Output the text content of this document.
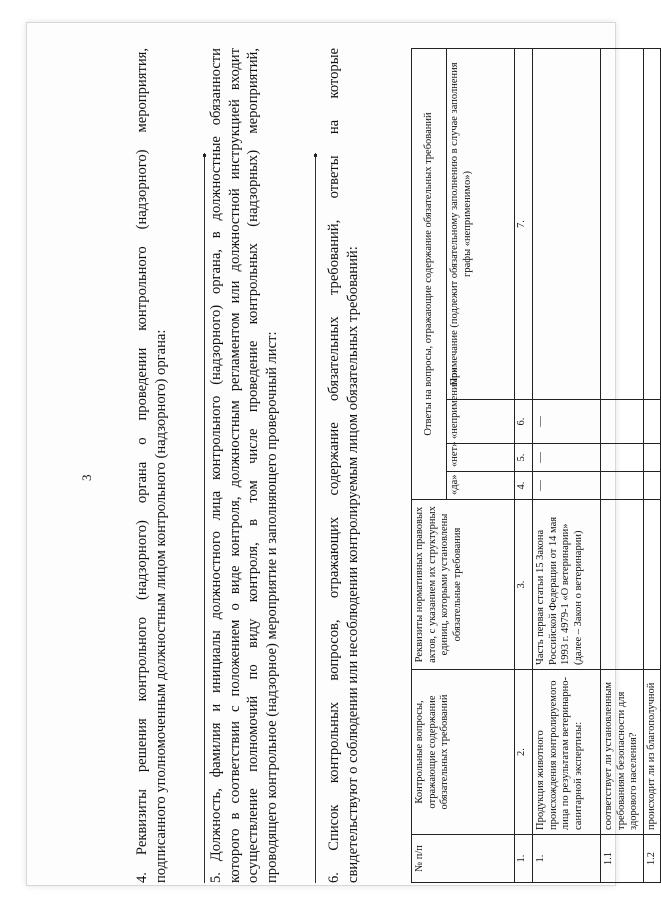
3	4. Реквизиты решения контрольного (надзорного) органа о проведении контрольного (надзорного) мероприятия, подписанного уполномоченным должностным лицом контрольного (надзорного) органа:	5. Должность, фамилия и инициалы должностного лица контрольного (надзорного) органа, в должностные обязанности которого в соответствии с положением о виде контроля, должностным регламентом или должностной инструкцией входит осуществление полномочий по виду контроля, в том числе проведение контрольных (надзорных) мероприятий, проводящего контрольное (надзорное) мероприятие и заполняющего проверочный лист:	6. Список контрольных вопросов, отражающих содержание обязательных требований, ответы на которые свидетельствуют о соблюдении или несоблюдении контролируемым лицом обязательных требований:	№ п/п	Контрольные вопросы, отражающие содержание обязательных требований	Реквизиты нормативных правовых актов, с указанием их структурных единиц, которыми установлены обязательные требования	Ответы на вопросы, отражающие содержание обязательных требований			
			«да»	«нет»	«неприменимо»	Примечание (подлежит обязательному заполнению в случае заполнения графы «неприменимо»)
1.	2.	3.	4.	5.	6.	7.
1.	Продукция животного происхождения контролируемого лица по результатам ветеринарно-санитарной экспертизы:	Часть первая статьи 15 Закона Российской Федерации от 14 мая 1993 г. 4979-1 «О ветеринарии» (далее – Закон о ветеринарии)	—	—	—	
1.1	соответствует ли установленным требованиям безопасности для здорового населения?					
1.2	происходит ли из благополучной					
